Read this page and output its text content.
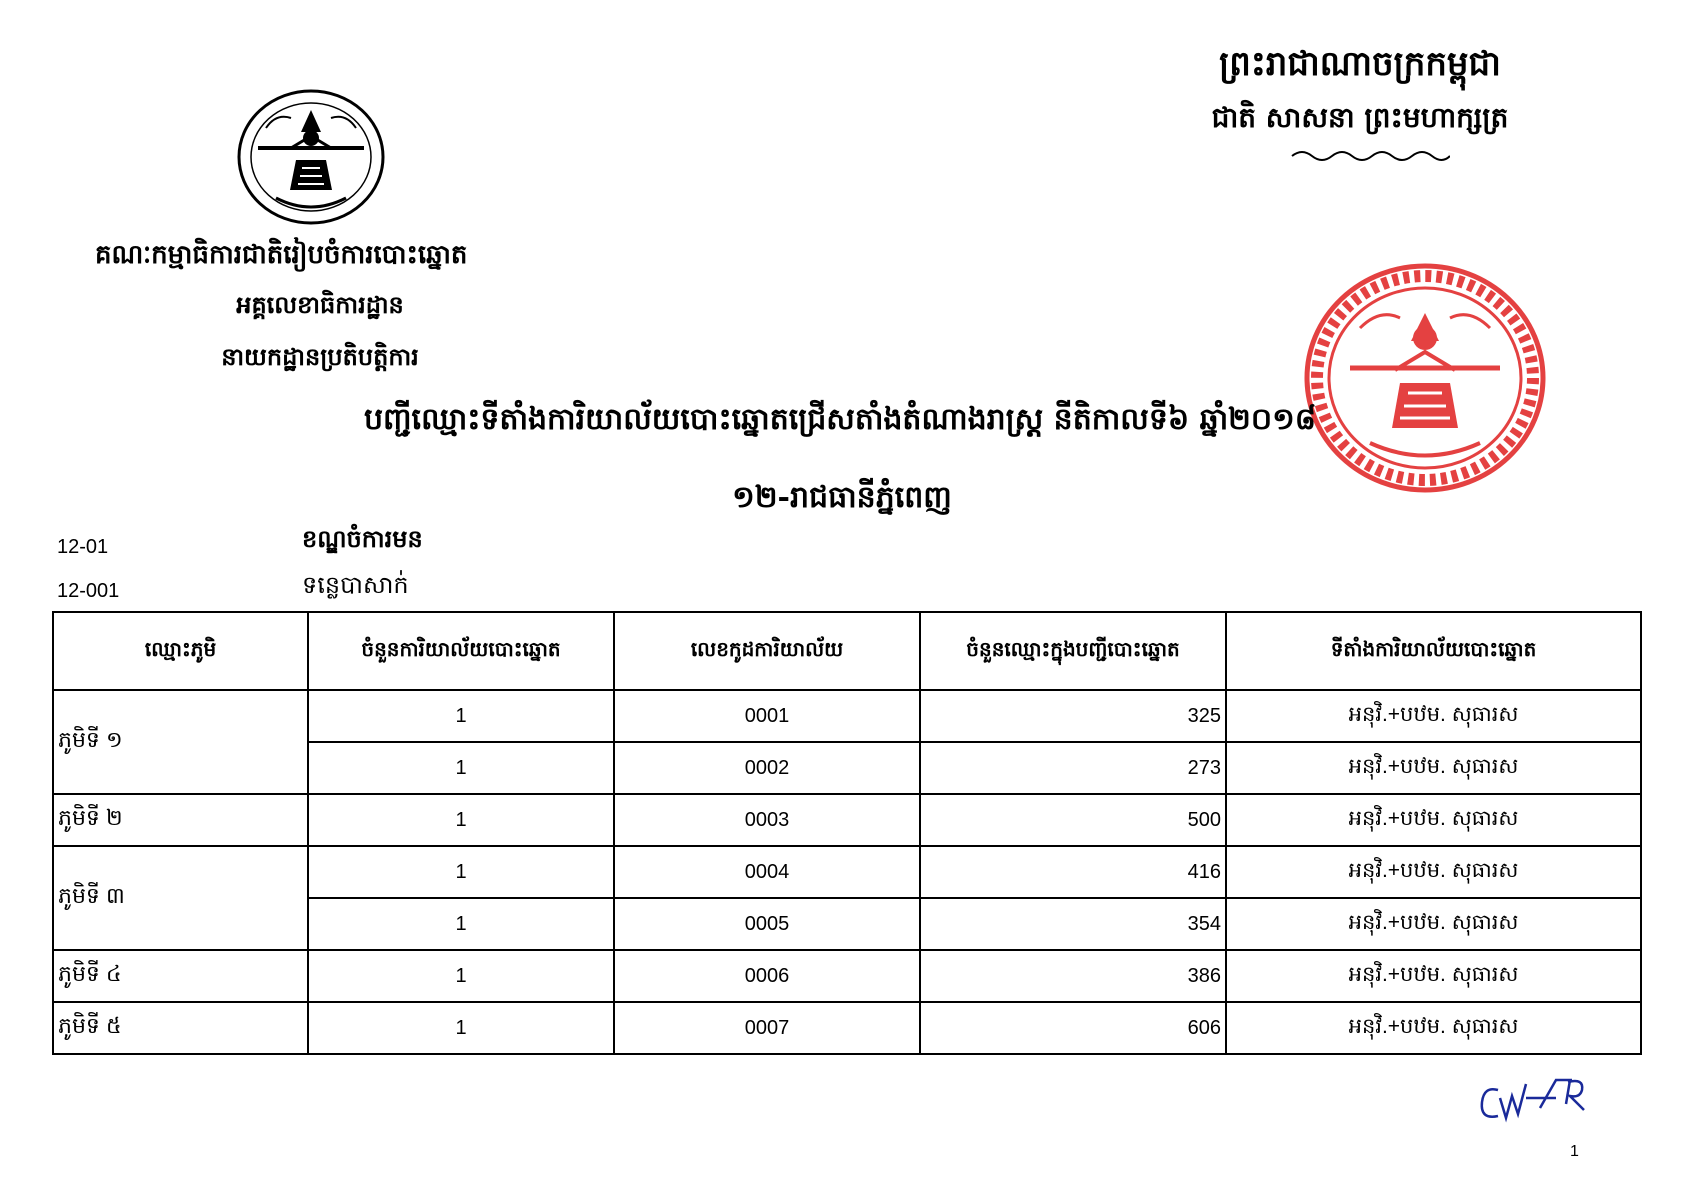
ព្រះរាជាណាចក្រកម្ពុជា
ជាតិ សាសនា ព្រះមហាក្សត្រ
គណៈកម្មាធិការជាតិរៀបចំការបោះឆ្នោត
អគ្គលេខាធិការដ្ឋាន
នាយកដ្ឋានប្រតិបត្តិការ
បញ្ជីឈ្មោះទីតាំងការិយាល័យបោះឆ្នោតជ្រើសតាំងតំណាងរាស្ត្រ នីតិកាលទី៦ ឆ្នាំ២០១៨
១២-រាជធានីភ្នំពេញ
12-01	ខណ្ឌចំការមន
12-001	ទន្លេបាសាក់
ឈ្មោះភូមិ	ចំនួនការិយាល័យបោះឆ្នោត	លេខកូដការិយាល័យ	ចំនួនឈ្មោះក្នុងបញ្ជីបោះឆ្នោត	ទីតាំងការិយាល័យបោះឆ្នោត
ភូមិទី ១	1	0001	325	អនុវិ.+បឋម. សុធារស
	1	0002	273	អនុវិ.+បឋម. សុធារស
ភូមិទី ២	1	0003	500	អនុវិ.+បឋម. សុធារស
ភូមិទី ៣	1	0004	416	អនុវិ.+បឋម. សុធារស
	1	0005	354	អនុវិ.+បឋម. សុធារស
ភូមិទី ៤	1	0006	386	អនុវិ.+បឋម. សុធារស
ភូមិទី ៥	1	0007	606	អនុវិ.+បឋម. សុធារស
1
